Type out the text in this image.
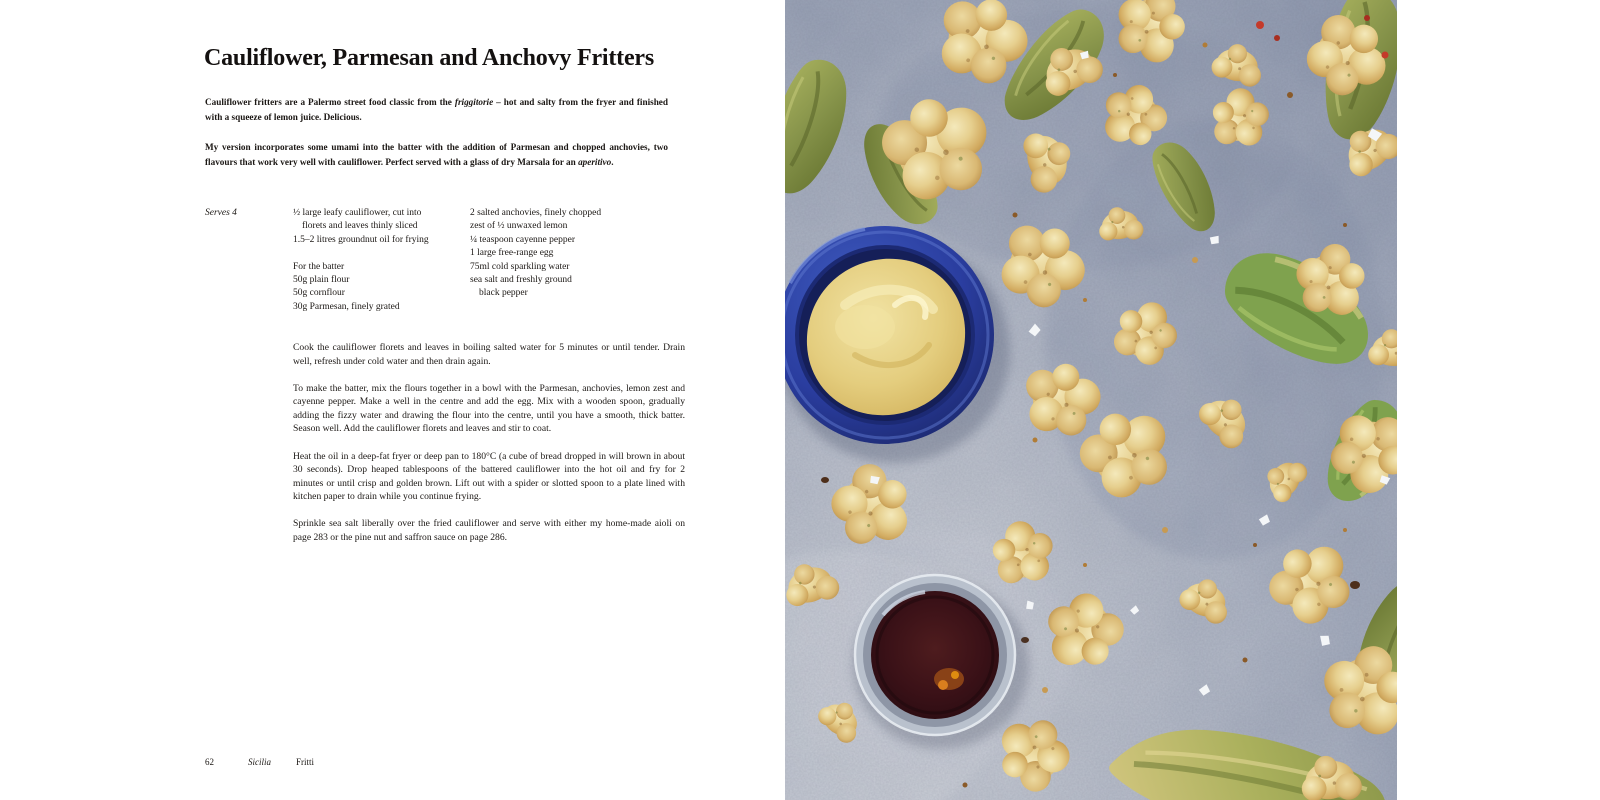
Cauliflower, Parmesan and Anchovy Fritters

Cauliflower fritters are a Palermo street food classic from the friggitorie – hot and salty from the fryer and finished with a squeeze of lemon juice. Delicious.

My version incorporates some umami into the batter with the addition of Parmesan and chopped anchovies, two flavours that work very well with cauliflower. Perfect served with a glass of dry Marsala for an aperitivo.

Serves 4	½ large leafy cauliflower, cut into
florets and leaves thinly sliced
1.5–2 litres groundnut oil for frying
For the batter
50g plain flour
50g cornflour
30g Parmesan, finely grated
2 salted anchovies, finely chopped
zest of ½ unwaxed lemon
¼ teaspoon cayenne pepper
1 large free-range egg
75ml cold sparkling water
sea salt and freshly ground
black pepper

Cook the cauliflower florets and leaves in boiling salted water for 5 minutes or until tender. Drain well, refresh under cold water and then drain again.

To make the batter, mix the flours together in a bowl with the Parmesan, anchovies, lemon zest and cayenne pepper. Make a well in the centre and add the egg. Mix with a wooden spoon, gradually adding the fizzy water and drawing the flour into the centre, until you have a smooth, thick batter. Season well. Add the cauliflower florets and leaves and stir to coat.

Heat the oil in a deep-fat fryer or deep pan to 180°C (a cube of bread dropped in will brown in about 30 seconds). Drop heaped tablespoons of the battered cauliflower into the hot oil and fry for 2 minutes or until crisp and golden brown. Lift out with a spider or slotted spoon to a plate lined with kitchen paper to drain while you continue frying.

Sprinkle sea salt liberally over the fried cauliflower and serve with either my home-made aioli on page 283 or the pine nut and saffron sauce on page 286.

62	Sicilia	Fritti
